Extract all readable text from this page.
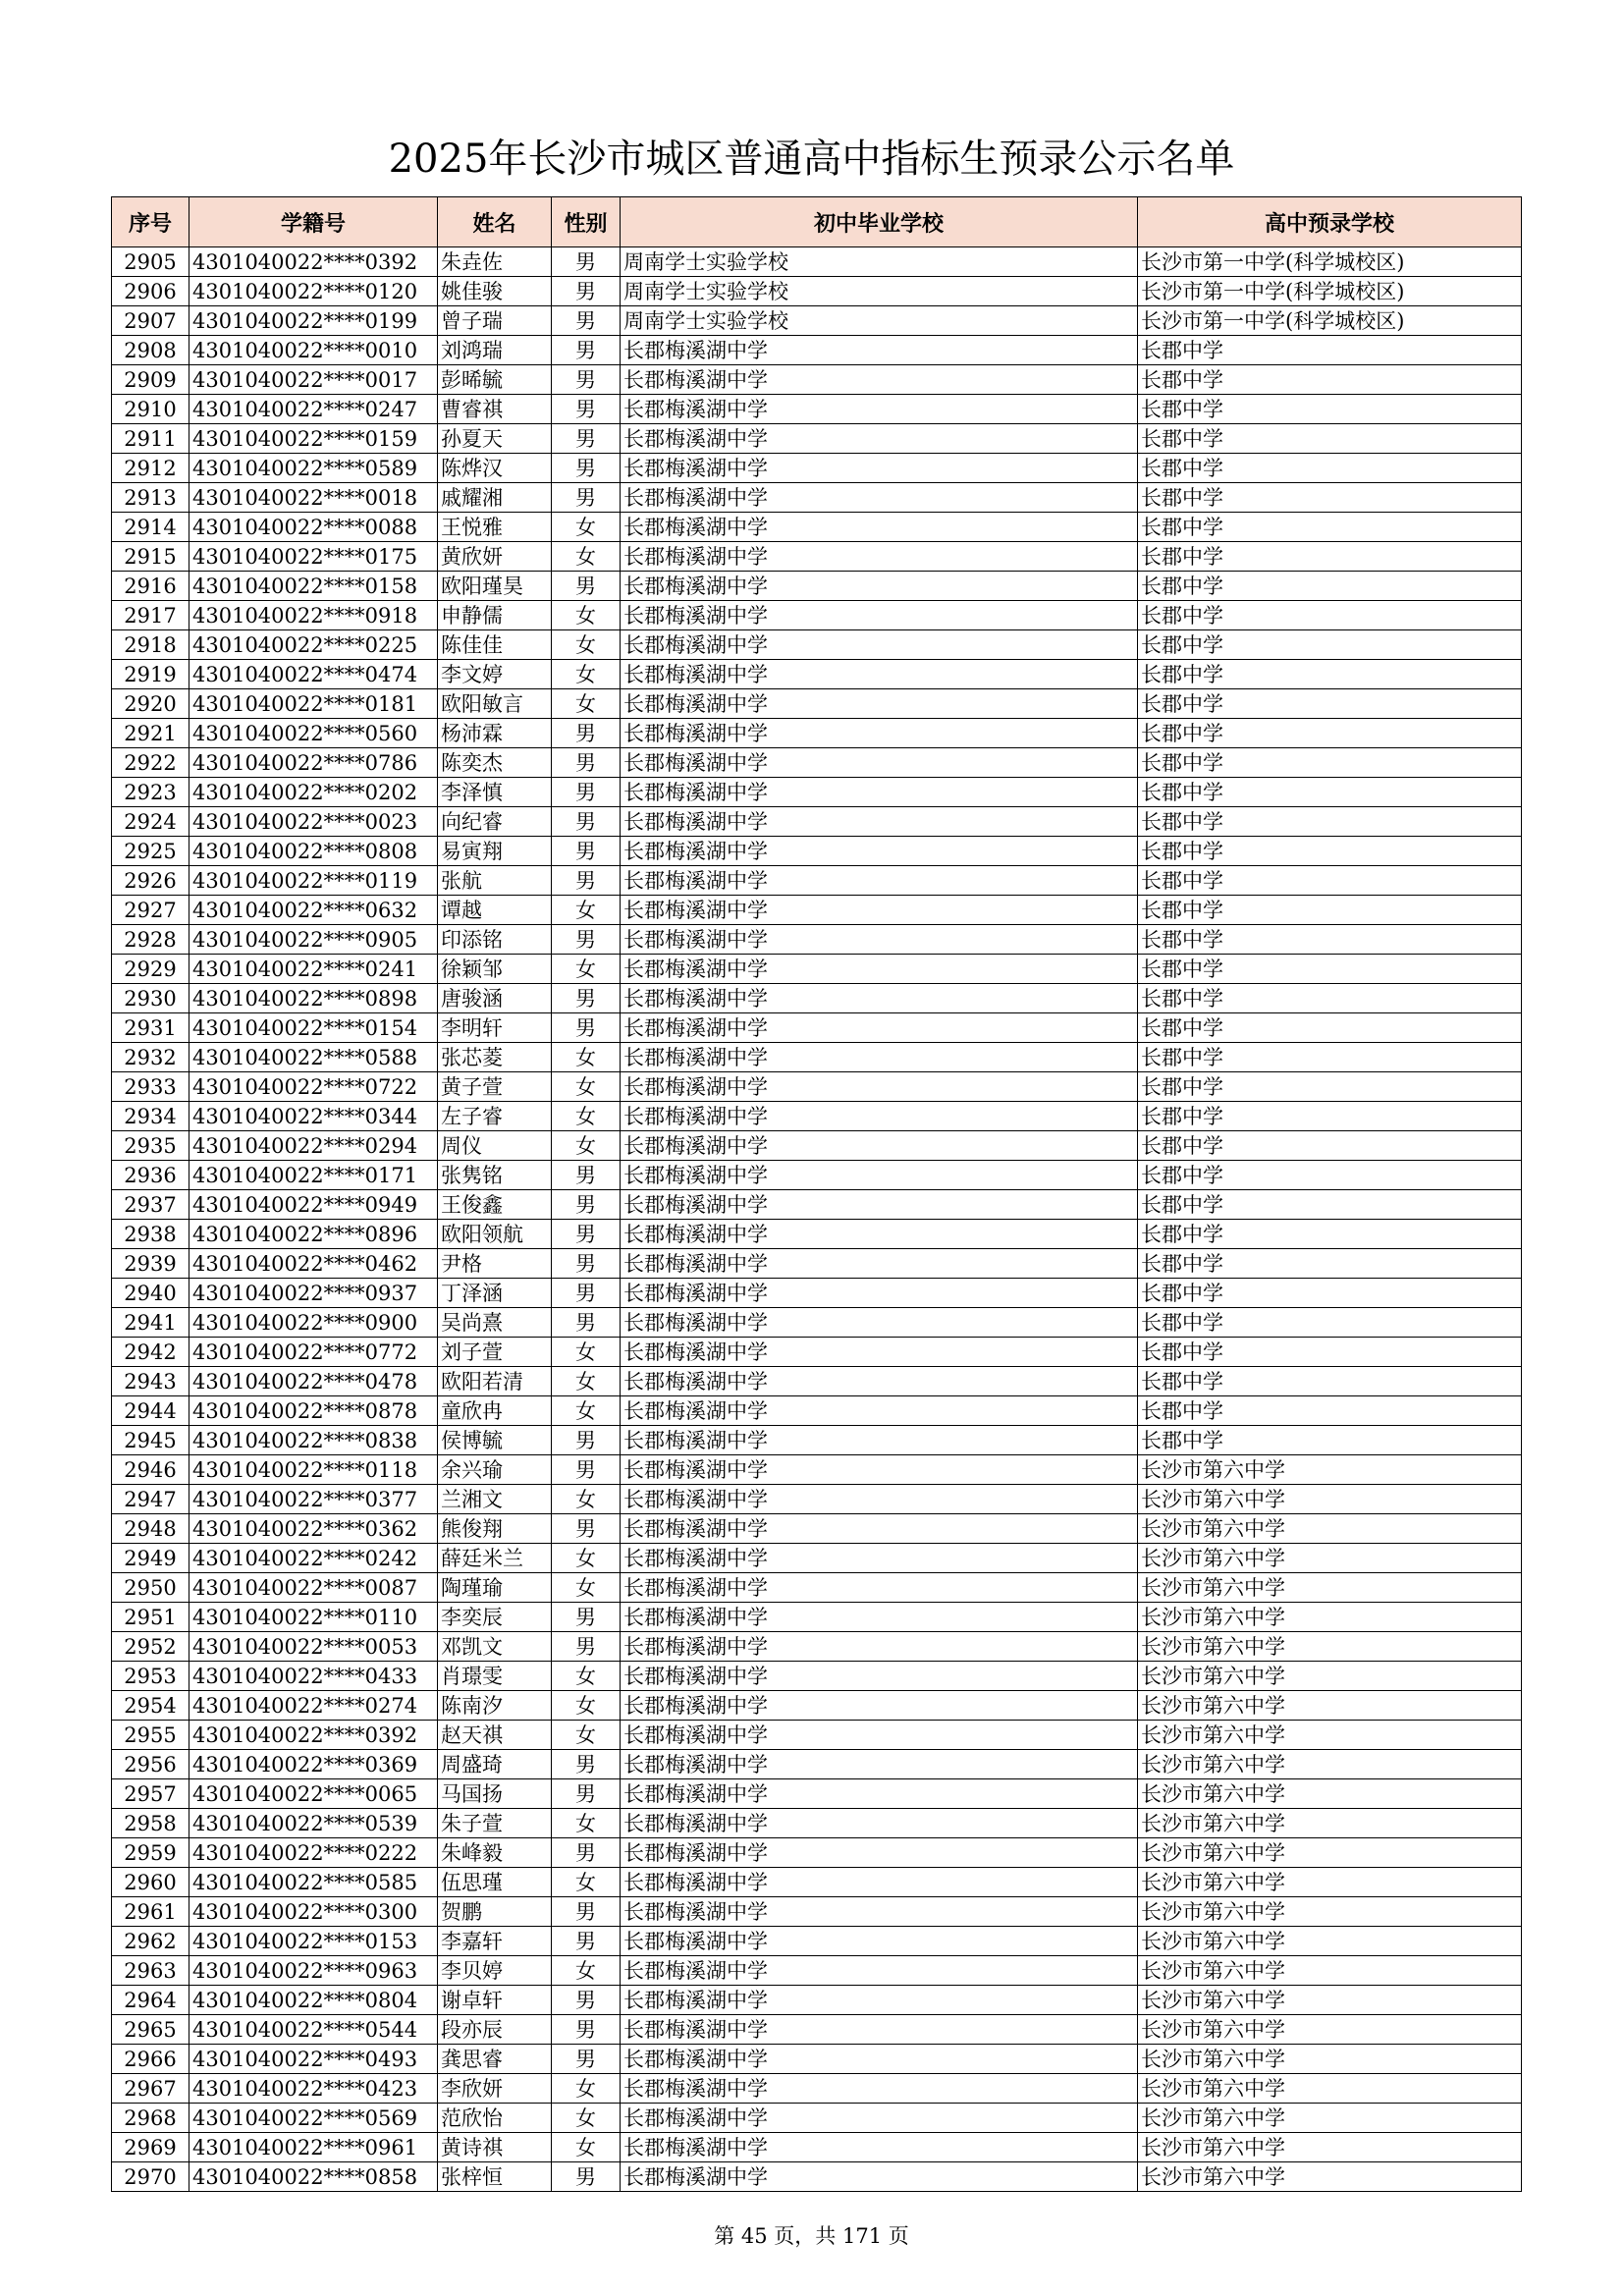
2025年长沙市城区普通高中指标生预录公示名单
序号	学籍号	姓名	性别	初中毕业学校	高中预录学校
2905	4301040022****0392	朱垚佐	男	周南学士实验学校	长沙市第一中学(科学城校区)
2906	4301040022****0120	姚佳骏	男	周南学士实验学校	长沙市第一中学(科学城校区)
2907	4301040022****0199	曾子瑞	男	周南学士实验学校	长沙市第一中学(科学城校区)
2908	4301040022****0010	刘鸿瑞	男	长郡梅溪湖中学	长郡中学
2909	4301040022****0017	彭晞毓	男	长郡梅溪湖中学	长郡中学
2910	4301040022****0247	曹睿祺	男	长郡梅溪湖中学	长郡中学
2911	4301040022****0159	孙夏天	男	长郡梅溪湖中学	长郡中学
2912	4301040022****0589	陈烨汉	男	长郡梅溪湖中学	长郡中学
2913	4301040022****0018	戚耀湘	男	长郡梅溪湖中学	长郡中学
2914	4301040022****0088	王悦雅	女	长郡梅溪湖中学	长郡中学
2915	4301040022****0175	黄欣妍	女	长郡梅溪湖中学	长郡中学
2916	4301040022****0158	欧阳瑾昊	男	长郡梅溪湖中学	长郡中学
2917	4301040022****0918	申静儒	女	长郡梅溪湖中学	长郡中学
2918	4301040022****0225	陈佳佳	女	长郡梅溪湖中学	长郡中学
2919	4301040022****0474	李文婷	女	长郡梅溪湖中学	长郡中学
2920	4301040022****0181	欧阳敏言	女	长郡梅溪湖中学	长郡中学
2921	4301040022****0560	杨沛霖	男	长郡梅溪湖中学	长郡中学
2922	4301040022****0786	陈奕杰	男	长郡梅溪湖中学	长郡中学
2923	4301040022****0202	李泽慎	男	长郡梅溪湖中学	长郡中学
2924	4301040022****0023	向纪睿	男	长郡梅溪湖中学	长郡中学
2925	4301040022****0808	易寅翔	男	长郡梅溪湖中学	长郡中学
2926	4301040022****0119	张航	男	长郡梅溪湖中学	长郡中学
2927	4301040022****0632	谭越	女	长郡梅溪湖中学	长郡中学
2928	4301040022****0905	印添铭	男	长郡梅溪湖中学	长郡中学
2929	4301040022****0241	徐颖邹	女	长郡梅溪湖中学	长郡中学
2930	4301040022****0898	唐骏涵	男	长郡梅溪湖中学	长郡中学
2931	4301040022****0154	李明轩	男	长郡梅溪湖中学	长郡中学
2932	4301040022****0588	张芯菱	女	长郡梅溪湖中学	长郡中学
2933	4301040022****0722	黄子萱	女	长郡梅溪湖中学	长郡中学
2934	4301040022****0344	左子睿	女	长郡梅溪湖中学	长郡中学
2935	4301040022****0294	周仪	女	长郡梅溪湖中学	长郡中学
2936	4301040022****0171	张隽铭	男	长郡梅溪湖中学	长郡中学
2937	4301040022****0949	王俊鑫	男	长郡梅溪湖中学	长郡中学
2938	4301040022****0896	欧阳领航	男	长郡梅溪湖中学	长郡中学
2939	4301040022****0462	尹格	男	长郡梅溪湖中学	长郡中学
2940	4301040022****0937	丁泽涵	男	长郡梅溪湖中学	长郡中学
2941	4301040022****0900	吴尚熹	男	长郡梅溪湖中学	长郡中学
2942	4301040022****0772	刘子萱	女	长郡梅溪湖中学	长郡中学
2943	4301040022****0478	欧阳若清	女	长郡梅溪湖中学	长郡中学
2944	4301040022****0878	童欣冉	女	长郡梅溪湖中学	长郡中学
2945	4301040022****0838	侯博毓	男	长郡梅溪湖中学	长郡中学
2946	4301040022****0118	余兴瑜	男	长郡梅溪湖中学	长沙市第六中学
2947	4301040022****0377	兰湘文	女	长郡梅溪湖中学	长沙市第六中学
2948	4301040022****0362	熊俊翔	男	长郡梅溪湖中学	长沙市第六中学
2949	4301040022****0242	薛廷米兰	女	长郡梅溪湖中学	长沙市第六中学
2950	4301040022****0087	陶瑾瑜	女	长郡梅溪湖中学	长沙市第六中学
2951	4301040022****0110	李奕辰	男	长郡梅溪湖中学	长沙市第六中学
2952	4301040022****0053	邓凯文	男	长郡梅溪湖中学	长沙市第六中学
2953	4301040022****0433	肖璟雯	女	长郡梅溪湖中学	长沙市第六中学
2954	4301040022****0274	陈南汐	女	长郡梅溪湖中学	长沙市第六中学
2955	4301040022****0392	赵天祺	女	长郡梅溪湖中学	长沙市第六中学
2956	4301040022****0369	周盛琦	男	长郡梅溪湖中学	长沙市第六中学
2957	4301040022****0065	马国扬	男	长郡梅溪湖中学	长沙市第六中学
2958	4301040022****0539	朱子萱	女	长郡梅溪湖中学	长沙市第六中学
2959	4301040022****0222	朱峰毅	男	长郡梅溪湖中学	长沙市第六中学
2960	4301040022****0585	伍思瑾	女	长郡梅溪湖中学	长沙市第六中学
2961	4301040022****0300	贺鹏	男	长郡梅溪湖中学	长沙市第六中学
2962	4301040022****0153	李嘉轩	男	长郡梅溪湖中学	长沙市第六中学
2963	4301040022****0963	李贝婷	女	长郡梅溪湖中学	长沙市第六中学
2964	4301040022****0804	谢卓轩	男	长郡梅溪湖中学	长沙市第六中学
2965	4301040022****0544	段亦辰	男	长郡梅溪湖中学	长沙市第六中学
2966	4301040022****0493	龚思睿	男	长郡梅溪湖中学	长沙市第六中学
2967	4301040022****0423	李欣妍	女	长郡梅溪湖中学	长沙市第六中学
2968	4301040022****0569	范欣怡	女	长郡梅溪湖中学	长沙市第六中学
2969	4301040022****0961	黄诗祺	女	长郡梅溪湖中学	长沙市第六中学
2970	4301040022****0858	张梓恒	男	长郡梅溪湖中学	长沙市第六中学
第 45 页，共 171 页
